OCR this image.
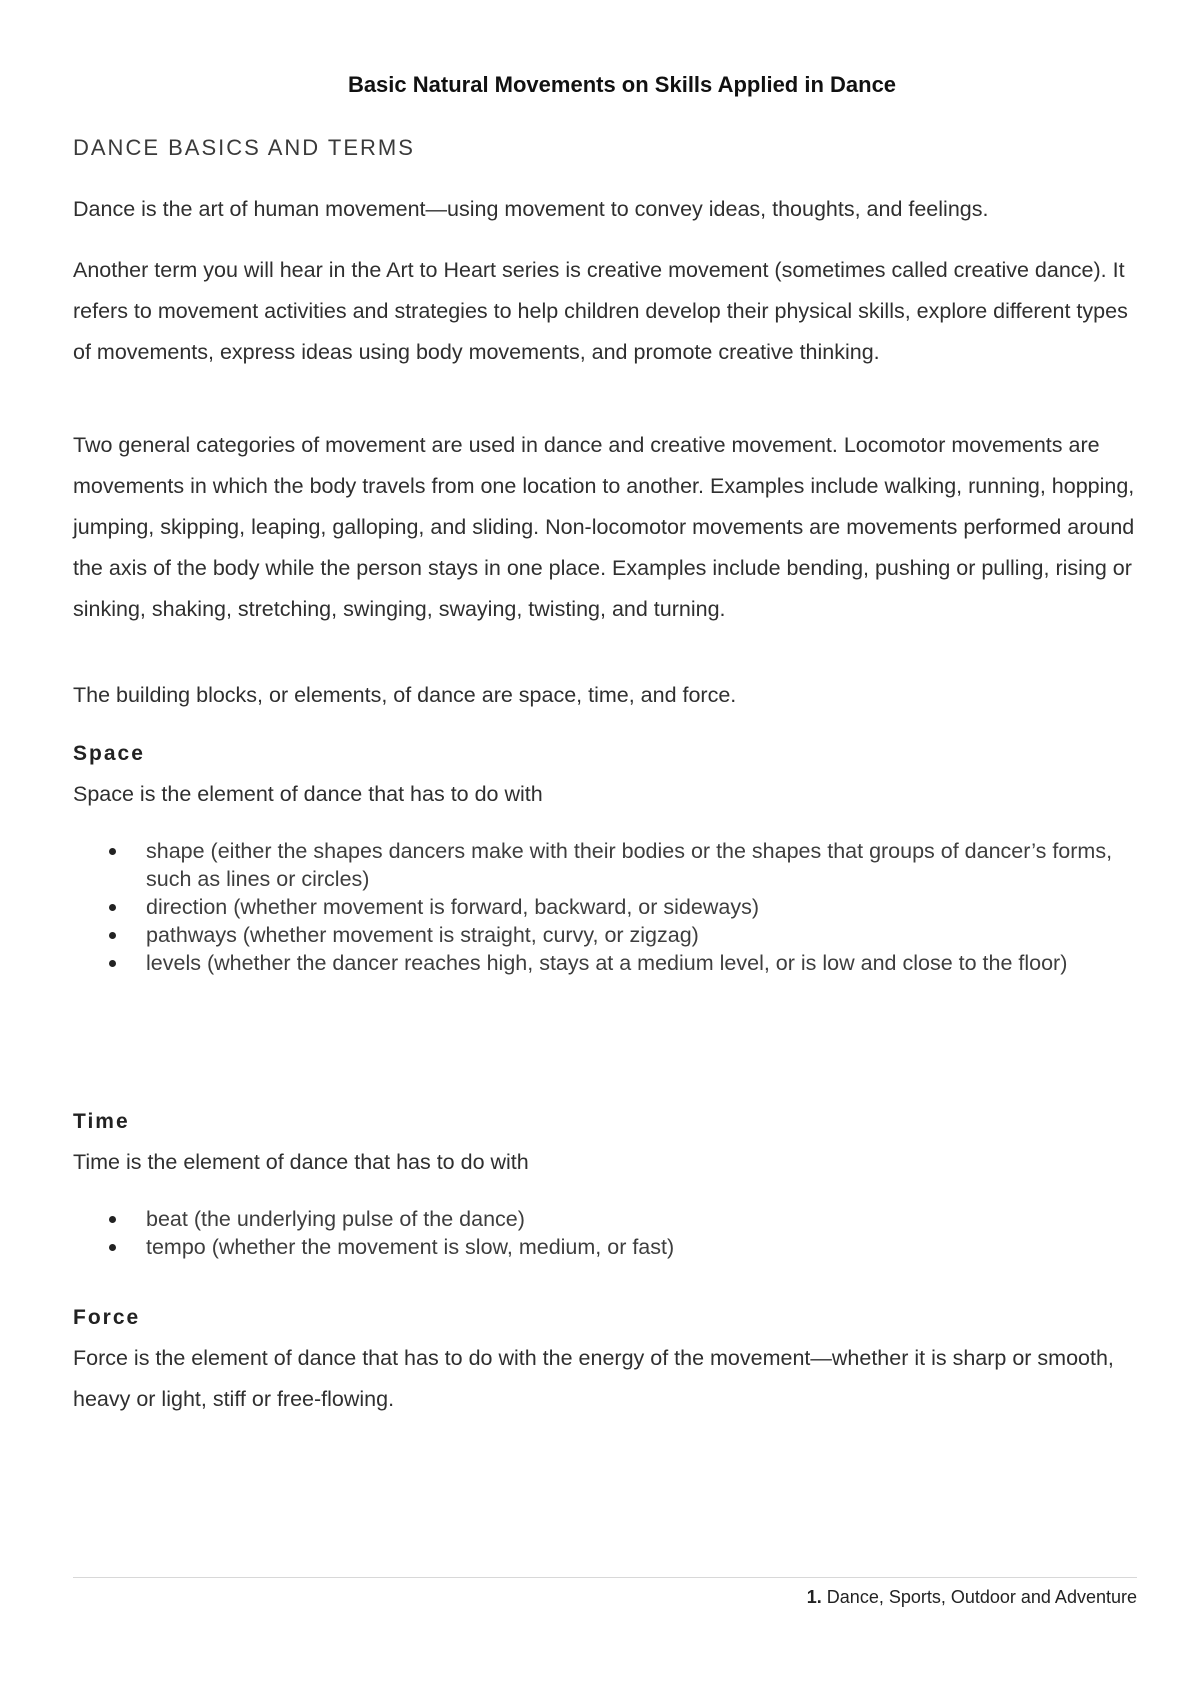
Basic Natural Movements on Skills Applied in Dance
DANCE BASICS AND TERMS

Dance is the art of human movement—using movement to convey ideas, thoughts, and feelings.

Another term you will hear in the Art to Heart series is creative movement (sometimes called creative dance). It refers to movement activities and strategies to help children develop their physical skills, explore different types of movements, express ideas using body movements, and promote creative thinking.

Two general categories of movement are used in dance and creative movement. Locomotor movements are movements in which the body travels from one location to another. Examples include walking, running, hopping, jumping, skipping, leaping, galloping, and sliding. Non-locomotor movements are movements performed around the axis of the body while the person stays in one place. Examples include bending, pushing or pulling, rising or sinking, shaking, stretching, swinging, swaying, twisting, and turning.

The building blocks, or elements, of dance are space, time, and force.

Space

Space is the element of dance that has to do with

shape (either the shapes dancers make with their bodies or the shapes that groups of dancer’s forms, such as lines or circles)
direction (whether movement is forward, backward, or sideways)
pathways (whether movement is straight, curvy, or zigzag)
levels (whether the dancer reaches high, stays at a medium level, or is low and close to the floor)
Time

Time is the element of dance that has to do with

beat (the underlying pulse of the dance)
tempo (whether the movement is slow, medium, or fast)
Force

Force is the element of dance that has to do with the energy of the movement—whether it is sharp or smooth, heavy or light, stiff or free-flowing.

1. Dance, Sports, Outdoor and Adventure
